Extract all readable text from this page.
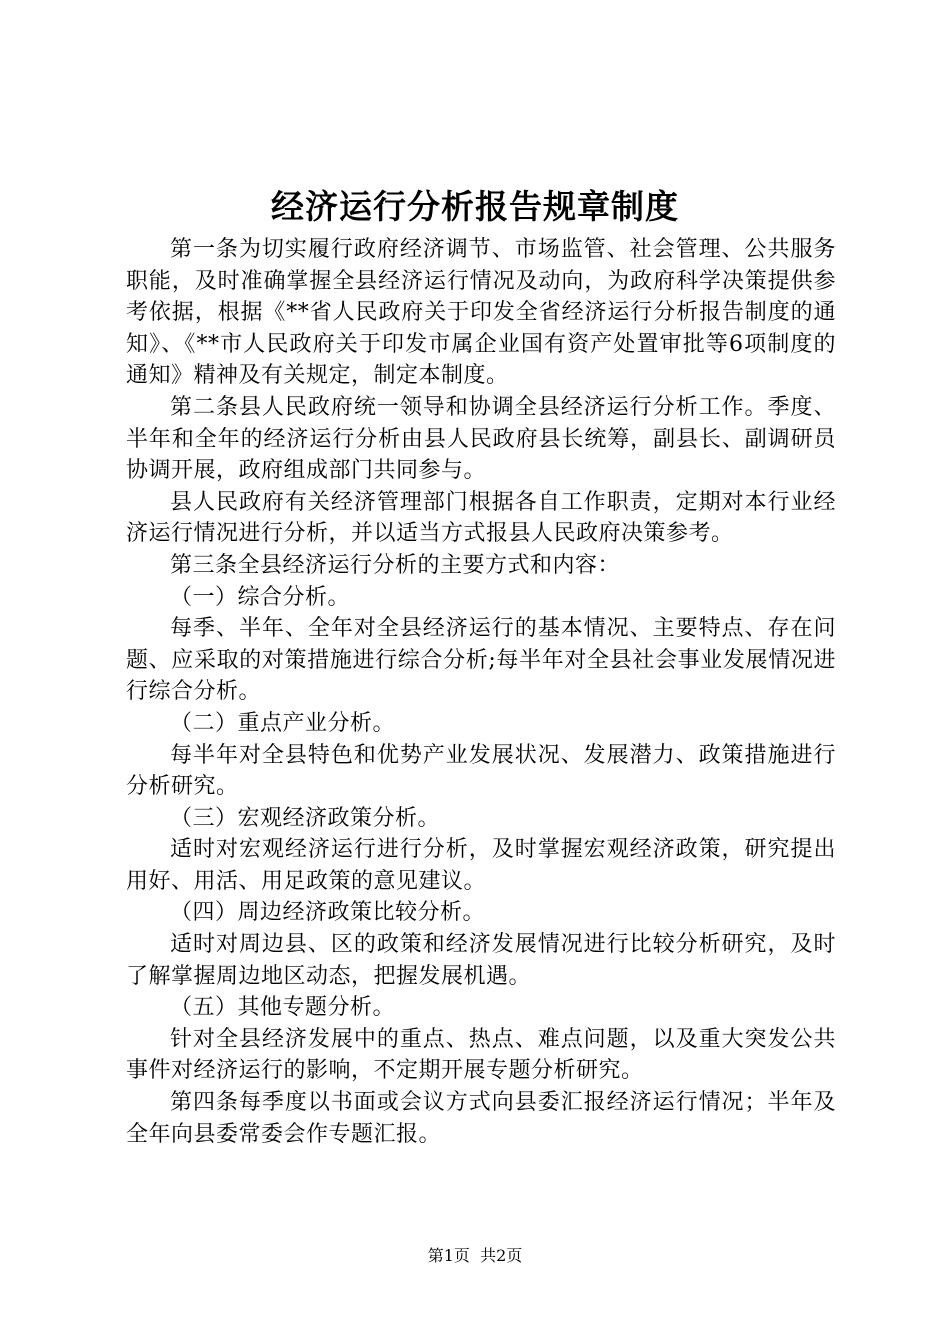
经济运行分析报告规章制度

第一条为切实履行政府经济调节、市场监管、社会管理、公共服务职能，及时准确掌握全县经济运行情况及动向，为政府科学决策提供参考依据，根据《**省人民政府关于印发全省经济运行分析报告制度的通知》、《**市人民政府关于印发市属企业国有资产处置审批等6项制度的通知》精神及有关规定，制定本制度。

第二条县人民政府统一领导和协调全县经济运行分析工作。季度、半年和全年的经济运行分析由县人民政府县长统筹，副县长、副调研员协调开展，政府组成部门共同参与。

县人民政府有关经济管理部门根据各自工作职责，定期对本行业经济运行情况进行分析，并以适当方式报县人民政府决策参考。

第三条全县经济运行分析的主要方式和内容：

（一）综合分析。

每季、半年、全年对全县经济运行的基本情况、主要特点、存在问题、应采取的对策措施进行综合分析;每半年对全县社会事业发展情况进行综合分析。

（二）重点产业分析。

每半年对全县特色和优势产业发展状况、发展潜力、政策措施进行分析研究。

（三）宏观经济政策分析。

适时对宏观经济运行进行分析，及时掌握宏观经济政策，研究提出用好、用活、用足政策的意见建议。

（四）周边经济政策比较分析。

适时对周边县、区的政策和经济发展情况进行比较分析研究，及时了解掌握周边地区动态，把握发展机遇。

（五）其他专题分析。

针对全县经济发展中的重点、热点、难点问题，以及重大突发公共事件对经济运行的影响，不定期开展专题分析研究。

第四条每季度以书面或会议方式向县委汇报经济运行情况；半年及全年向县委常委会作专题汇报。

第1页  共2页
